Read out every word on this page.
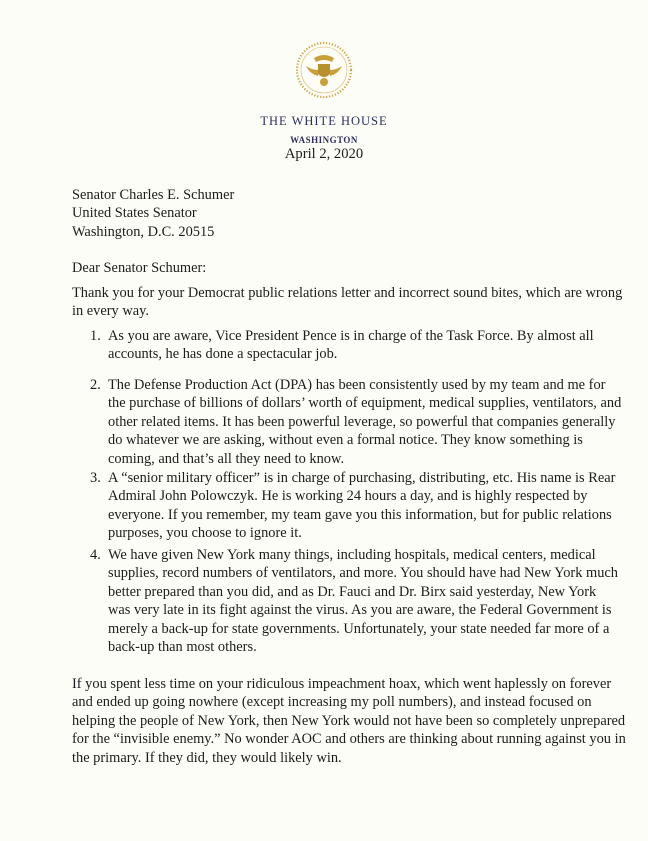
THE WHITE HOUSE
WASHINGTON
April 2, 2020
Senator Charles E. Schumer
United States Senator
Washington, D.C. 20515
Dear Senator Schumer:
Thank you for your Democrat public relations letter and incorrect sound bites, which are wrong
in every way.
1. As you are aware, Vice President Pence is in charge of the Task Force. By almost all
accounts, he has done a spectacular job.
2. The Defense Production Act (DPA) has been consistently used by my team and me for
the purchase of billions of dollars’ worth of equipment, medical supplies, ventilators, and
other related items. It has been powerful leverage, so powerful that companies generally
do whatever we are asking, without even a formal notice. They know something is
coming, and that’s all they need to know.
3. A “senior military officer” is in charge of purchasing, distributing, etc. His name is Rear
Admiral John Polowczyk. He is working 24 hours a day, and is highly respected by
everyone. If you remember, my team gave you this information, but for public relations
purposes, you choose to ignore it.
4. We have given New York many things, including hospitals, medical centers, medical
supplies, record numbers of ventilators, and more. You should have had New York much
better prepared than you did, and as Dr. Fauci and Dr. Birx said yesterday, New York
was very late in its fight against the virus. As you are aware, the Federal Government is
merely a back-up for state governments. Unfortunately, your state needed far more of a
back-up than most others.
If you spent less time on your ridiculous impeachment hoax, which went haplessly on forever
and ended up going nowhere (except increasing my poll numbers), and instead focused on
helping the people of New York, then New York would not have been so completely unprepared
for the “invisible enemy.” No wonder AOC and others are thinking about running against you in
the primary. If they did, they would likely win.
